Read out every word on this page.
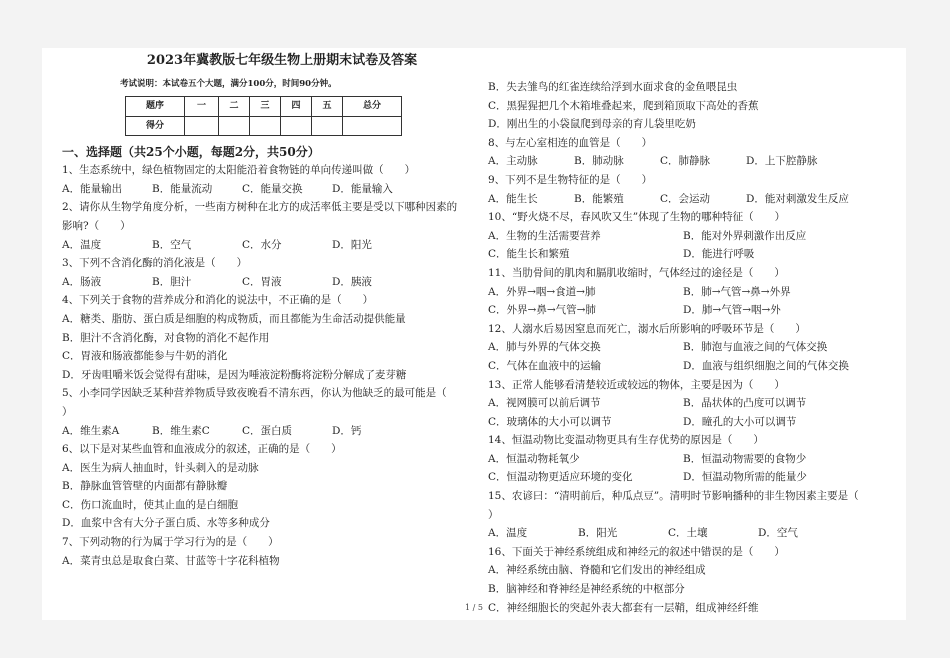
2023年冀教版七年级生物上册期末试卷及答案
考试说明：本试卷五个大题，满分100分，时间90分钟。
题序	一	二	三	四	五	总分
得分						
一、选择题（共25个小题，每题2分，共50分）
1、生态系统中，绿色植物固定的太阳能沿着食物链的单向传递叫做（　　）
A．能量输出	B．能量流动	C．能量交换	D．能量输入
2、请你从生物学角度分析，一些南方树种在北方的成活率低主要是受以下哪种因素的
影响?（　　）
A．温度	B．空气	C．水分	D．阳光
3、下列不含消化酶的消化液是（　　）
A．肠液	B．胆汁	C．胃液	D．胰液
4、下列关于食物的营养成分和消化的说法中，不正确的是（　　）
A．糖类、脂肪、蛋白质是细胞的构成物质，而且都能为生命活动提供能量
B．胆汁不含消化酶，对食物的消化不起作用
C．胃液和肠液都能参与牛奶的消化
D．牙齿咀嚼米饭会觉得有甜味，是因为唾液淀粉酶将淀粉分解成了麦芽糖
5、小李同学因缺乏某种营养物质导致夜晚看不清东西，你认为他缺乏的最可能是（
）
A．维生素A	B．维生素C	C．蛋白质	D．钙
6、以下是对某些血管和血液成分的叙述，正确的是（　　）
A．医生为病人抽血时，针头刺入的是动脉
B．静脉血管管壁的内面都有静脉瓣
C．伤口流血时，使其止血的是白细胞
D．血浆中含有大分子蛋白质、水等多种成分
7、下列动物的行为属于学习行为的是（　　）
A．菜青虫总是取食白菜、甘蓝等十字花科植物
B．失去雏鸟的红雀连续给浮到水面求食的金鱼喂昆虫
C．黑猩猩把几个木箱堆叠起来，爬到箱顶取下高处的香蕉
D．刚出生的小袋鼠爬到母亲的育儿袋里吃奶
8、与左心室相连的血管是（　　）
A．主动脉	B．肺动脉	C．肺静脉	D．上下腔静脉
9、下列不是生物特征的是（　　）
A．能生长	B．能繁殖	C．会运动	D．能对刺激发生反应
10、“野火烧不尽，春风吹又生”体现了生物的哪种特征（　　）
A．生物的生活需要营养	B．能对外界刺激作出反应
C．能生长和繁殖	D．能进行呼吸
11、当肋骨间的肌肉和膈肌收缩时，气体经过的途径是（　　）
A．外界→咽→食道→肺	B．肺→气管→鼻→外界
C．外界→鼻→气管→肺	D．肺→气管→咽→外
12、人溺水后易因窒息而死亡，溺水后所影响的呼吸环节是（　　）
A．肺与外界的气体交换	B．肺泡与血液之间的气体交换
C．气体在血液中的运输	D．血液与组织细胞之间的气体交换
13、正常人能够看清楚较近或较远的物体，主要是因为（　　）
A．视网膜可以前后调节	B．晶状体的凸度可以调节
C．玻璃体的大小可以调节	D．瞳孔的大小可以调节
14、恒温动物比变温动物更具有生存优势的原因是（　　）
A．恒温动物耗氧少	B．恒温动物需要的食物少
C．恒温动物更适应环境的变化	D．恒温动物所需的能量少
15、农谚曰：“清明前后，种瓜点豆”。清明时节影响播种的非生物因素主要是（
）
A．温度	B．阳光	C．土壤	D．空气
16、下面关于神经系统组成和神经元的叙述中错误的是（　　）
A．神经系统由脑、脊髓和它们发出的神经组成
B．脑神经和脊神经是神经系统的中枢部分
C．神经细胞长的突起外表大都套有一层鞘，组成神经纤维
1 / 5
